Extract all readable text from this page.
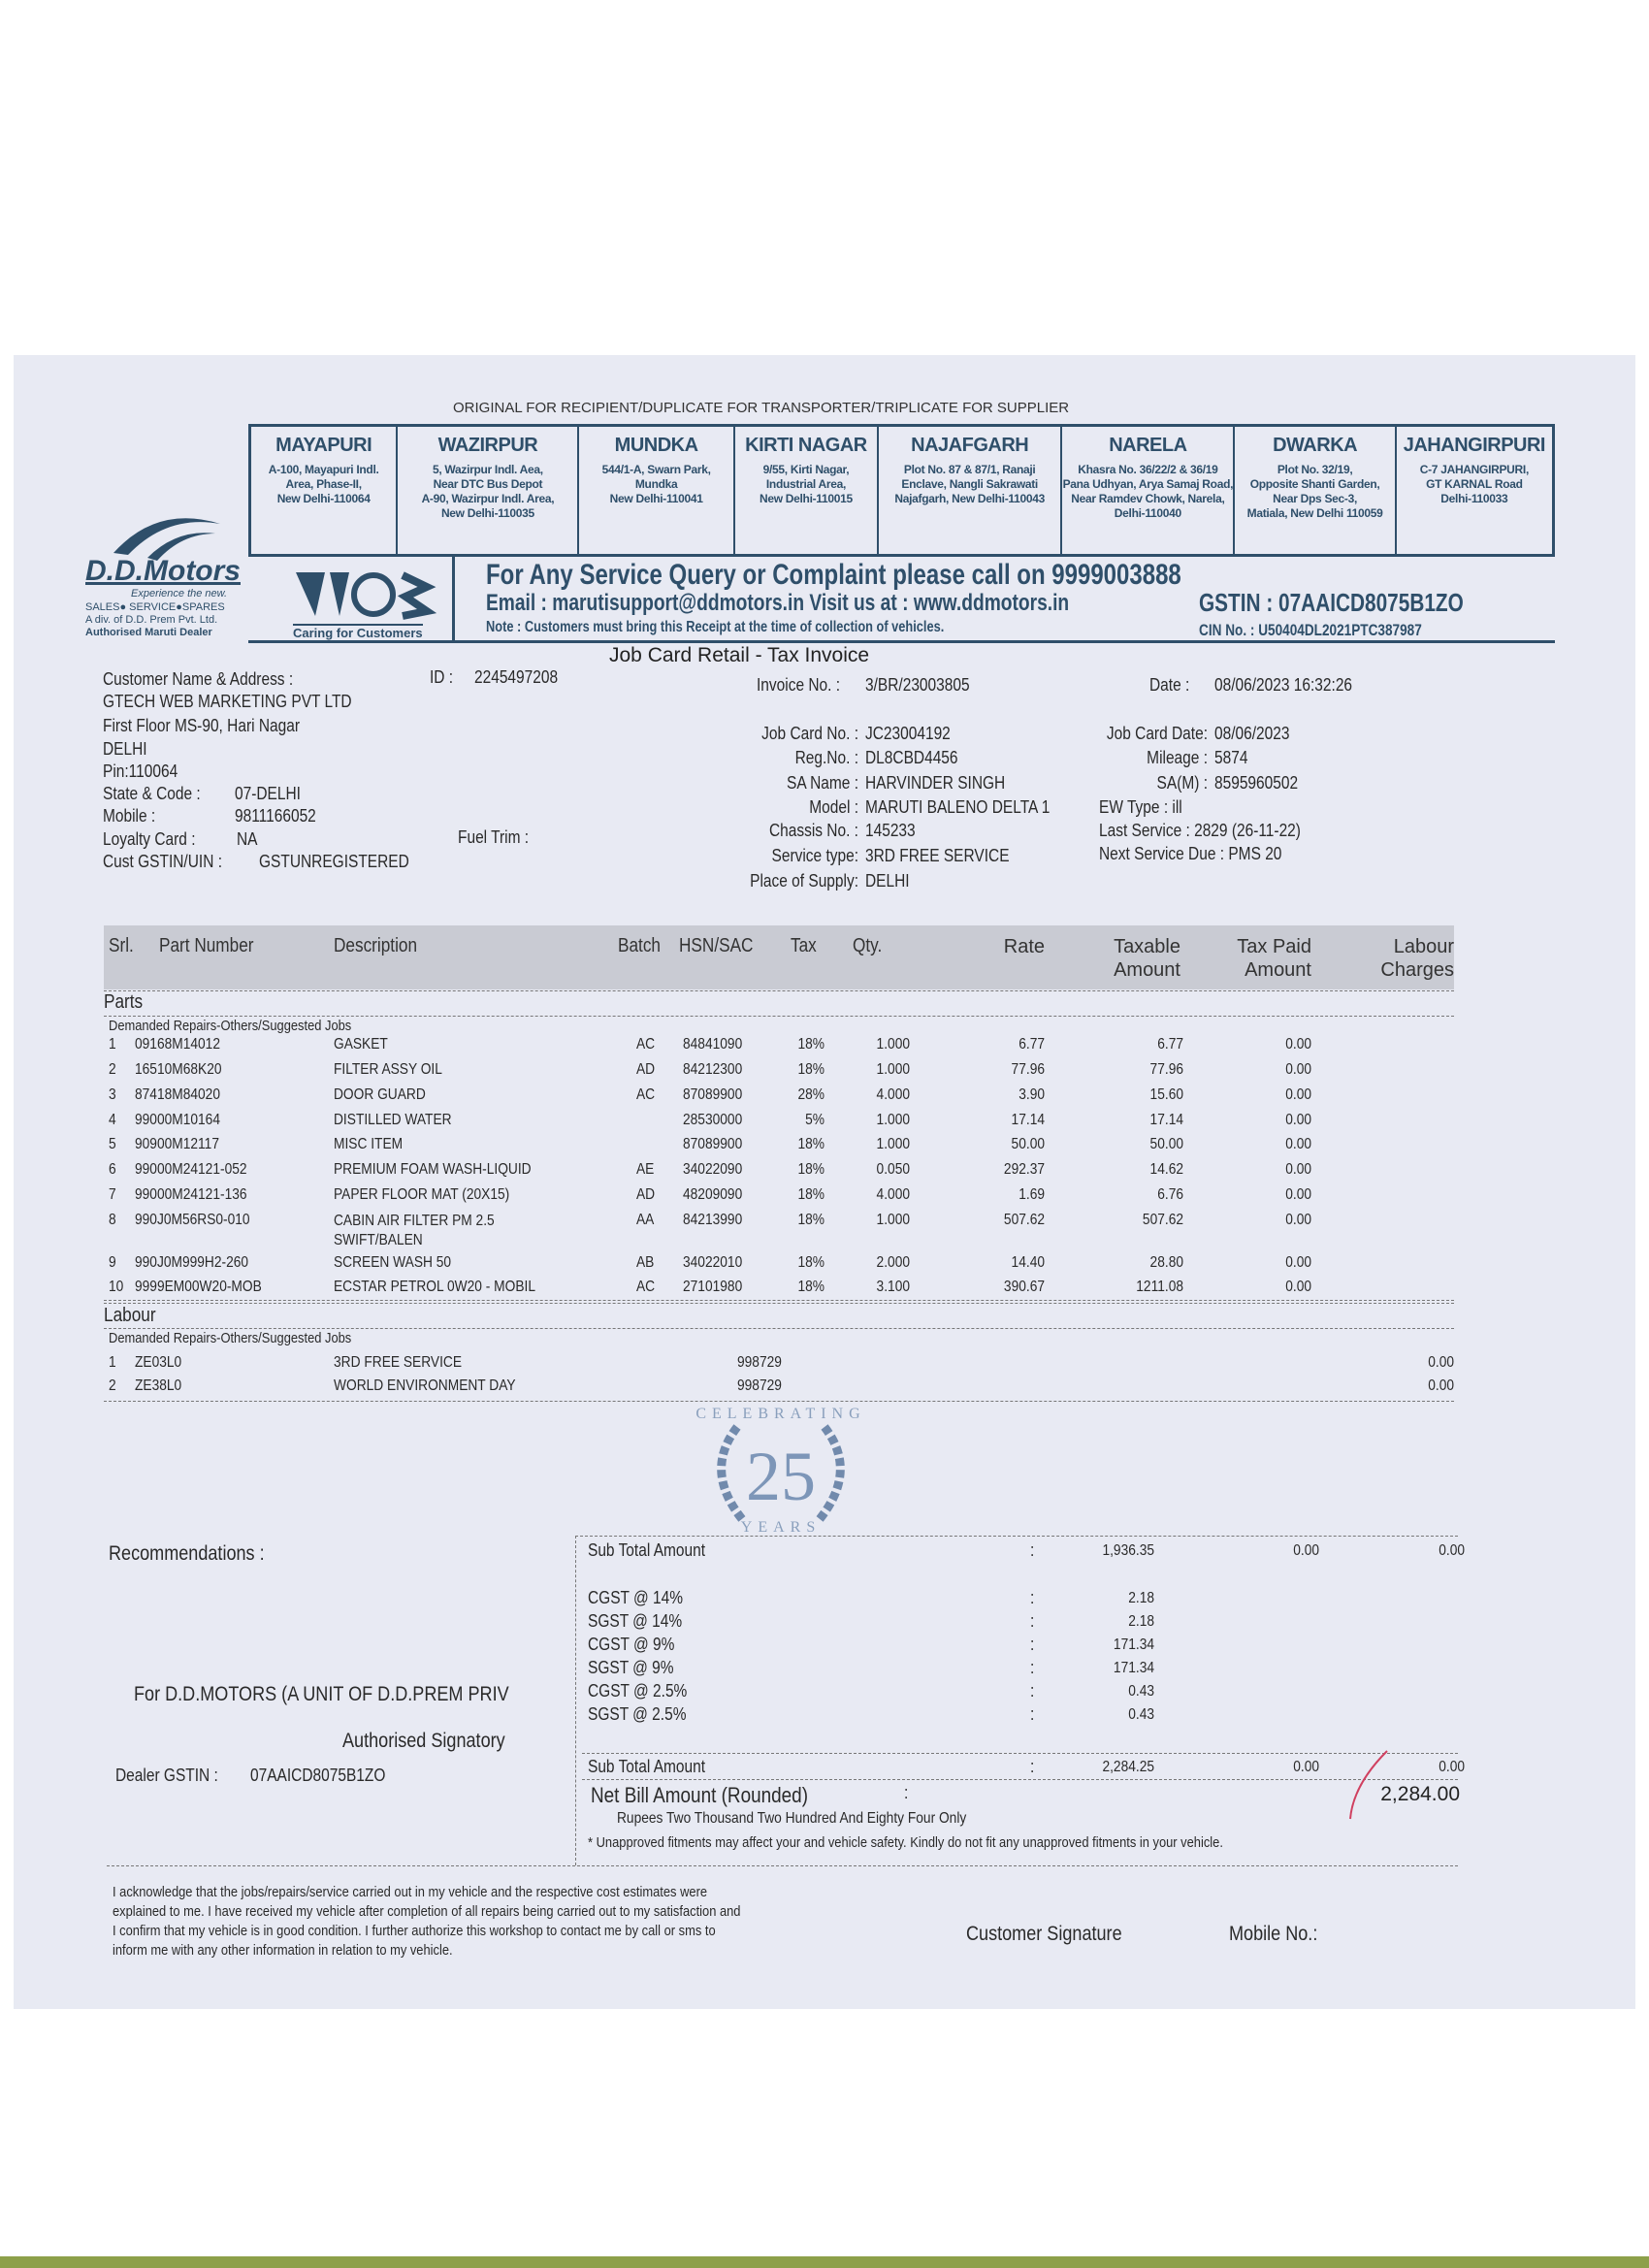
ORIGINAL FOR RECIPIENT/DUPLICATE FOR TRANSPORTER/TRIPLICATE FOR SUPPLIER
MAYAPURI
A-100, Mayapuri Indl.
Area, Phase-II,
New Delhi-110064
WAZIRPUR
5, Wazirpur Indl. Aea,
Near DTC Bus Depot
A-90, Wazirpur Indl. Area,
New Delhi-110035
MUNDKA
544/1-A, Swarn Park,
Mundka
New Delhi-110041
KIRTI NAGAR
9/55, Kirti Nagar,
Industrial Area,
New Delhi-110015
NAJAFGARH
Plot No. 87 & 87/1, Ranaji
Enclave, Nangli Sakrawati
Najafgarh, New Delhi-110043
NARELA
Khasra No. 36/22/2 & 36/19
Pana Udhyan, Arya Samaj Road,
Near Ramdev Chowk, Narela,
Delhi-110040
DWARKA
Plot No. 32/19,
Opposite Shanti Garden,
Near Dps Sec-3,
Matiala, New Delhi 110059
JAHANGIRPURI
C-7 JAHANGIRPURI,
GT KARNAL Road
Delhi-110033
D.D.Motors
Experience the new.
SALES● SERVICE●SPARES
A div. of D.D. Prem Pvt. Ltd.
Authorised Maruti Dealer	Caring for Customers
For Any Service Query or Complaint please call on 9999003888
Email : marutisupport@ddmotors.in Visit us at : www.ddmotors.in	GSTIN : 07AAICD8075B1ZO
Note : Customers must bring this Receipt at the time of collection of vehicles.	CIN No. : U50404DL2021PTC387987
Job Card Retail - Tax Invoice
Customer Name & Address :
GTECH WEB MARKETING PVT LTD
First Floor MS-90, Hari Nagar
DELHI
Pin:110064
State & Code : 07-DELHI
Mobile :	9811166052
Loyalty Card : NA
Cust GSTIN/UIN : GSTUNREGISTERED
ID : 2245497208
Fuel Trim :
Invoice No. : 3/BR/23003805	Date : 08/06/2023 16:32:26
EW Type : ill
Last Service : 2829 (26-11-22)
Next Service Due : PMS 20
Job Card No. : JC23004192
Reg.No. : DL8CBD4456
SA Name : HARVINDER SINGH
Model : MARUTI BALENO DELTA 1
Chassis No. : 145233
Service type: 3RD FREE SERVICE
Place of Supply: DELHI
Job Card Date: 08/06/2023
Mileage : 5874
SA(M) : 8595960502
Srl. Part Number	Description	Batch HSN/SAC Tax Qty.	Rate	Taxable Amount
Tax Paid Amount
Labour Charges
Parts
Demanded Repairs-Others/Suggested Jobs
1 09168M14012	GASKET	AC 84841090	18%	1.000	6.77	6.77	0.00
2 16510M68K20	FILTER ASSY OIL	AD 84212300	18%	1.000	77.96	77.96	0.00
3 87418M84020	DOOR GUARD	AC 87089900	28%	4.000	3.90	15.60	0.00
4 99000M10164	DISTILLED WATER	28530000	5%	1.000	17.14	17.14	0.00
5 90900M12117	MISC ITEM	87089900	18%	1.000	50.00	50.00	0.00
6 99000M24121-052	PREMIUM FOAM WASH-LIQUID	AE 34022090	18%	0.050	292.37	14.62	0.00
7 99000M24121-136	PAPER FLOOR MAT (20X15)	AD 48209090	18%	4.000	1.69	6.76	0.00
8 990J0M56RS0-010	CABIN AIR FILTER PM 2.5 SWIFT/BALEN
AA 84213990	18%	1.000	507.62	507.62	0.00
9 990J0M999H2-260	SCREEN WASH 50	AB 34022010	18%	2.000	14.40	28.80	0.00
10 9999EM00W20-MOB	ECSTAR PETROL 0W20 - MOBIL	AC 27101980	18%	3.100	390.67	1211.08	0.00
Labour
Demanded Repairs-Others/Suggested Jobs
1 ZE03L0	3RD FREE SERVICE	998729	0.00
2 ZE38L0	WORLD ENVIRONMENT DAY	998729	0.00
CELEBRATING
25
YEARS
Recommendations :
For D.D.MOTORS (A UNIT OF D.D.PREM PRIV
Authorised Signatory
Dealer GSTIN : 07AAICD8075B1ZO
Sub Total Amount	:	1,936.35	0.00	0.00
CGST @ 14%	:	2.18
SGST @ 14%	:	2.18
CGST @ 9%	:	171.34
SGST @ 9%	:	171.34
CGST @ 2.5%	:	0.43
SGST @ 2.5%	:	0.43
Sub Total Amount	:	2,284.25	0.00	0.00
Net Bill Amount (Rounded)	:	2,284.00
Rupees Two Thousand Two Hundred And Eighty Four Only
* Unapproved fitments may affect your and vehicle safety. Kindly do not fit any unapproved fitments in your vehicle.
I acknowledge that the jobs/repairs/service carried out in my vehicle and the respective cost estimates were
explained to me. I have received my vehicle after completion of all repairs being carried out to my satisfaction and
I confirm that my vehicle is in good condition. I further authorize this workshop to contact me by call or sms to
inform me with any other information in relation to my vehicle.
Customer Signature	Mobile No.:
